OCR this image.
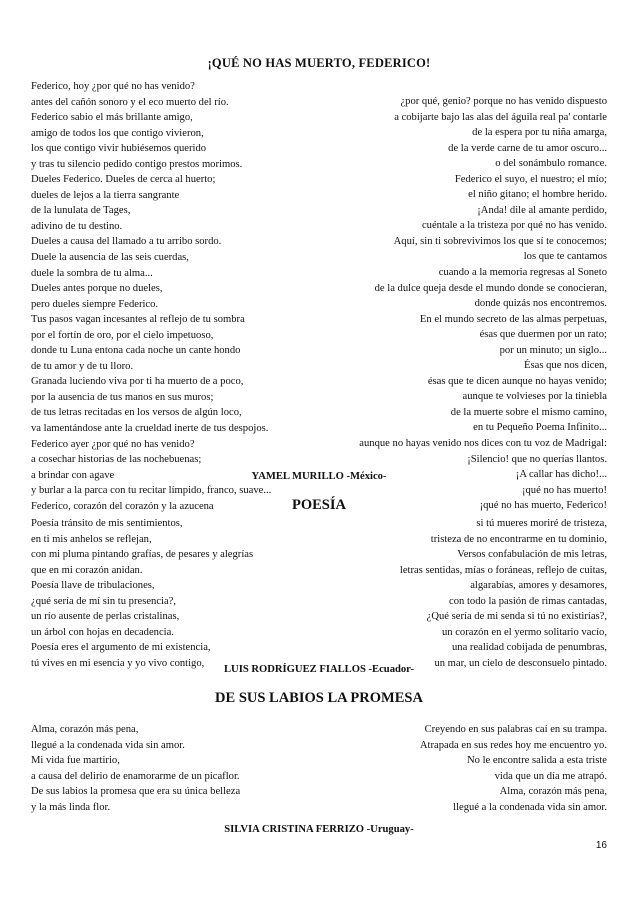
¡QUÉ NO HAS MUERTO, FEDERICO!
Federico, hoy ¿por qué no has venido?
antes del cañón sonoro y el eco muerto del río.
Federico sabio el más brillante amigo,
amigo de todos los que contigo vivieron,
los que contigo vivir hubiésemos querido
y tras tu silencio pedido contigo prestos morimos.
Dueles Federico. Dueles de cerca al huerto;
dueles de lejos a la tierra sangrante
de la lunulata de Tages,
adivino de tu destino.
Dueles a causa del llamado a tu arribo sordo.
Duele la ausencia de las seis cuerdas,
duele la sombra de tu alma...
Dueles antes porque no dueles,
pero dueles siempre Federico.
Tus pasos vagan incesantes al reflejo de tu sombra
por el fortín de oro, por el cielo impetuoso,
donde tu Luna entona cada noche un cante hondo
de tu amor y de tu lloro.
Granada luciendo viva por ti ha muerto de a poco,
por la ausencia de tus manos en sus muros;
de tus letras recitadas en los versos de algún loco,
va lamentándose ante la crueldad inerte de tus despojos.
Federico ayer ¿por qué no has venido?
a cosechar historias de las nochebuenas;
a brindar con agave
y burlar a la parca con tu recitar límpido, franco, suave...
Federico, corazón del corazón y la azucena
¿por qué, genio? porque no has venido dispuesto
a cobijarte bajo las alas del águila real pa' contarle
de la espera por tu niña amarga,
de la verde carne de tu amor oscuro...
o del sonámbulo romance.
Federico el suyo, el nuestro; el mío;
el niño gitano; el hombre herido.
¡Anda! dile al amante perdido,
cuéntale a la tristeza por qué no has venido.
Aquí, sin ti sobrevivimos los que sí te conocemos;
los que te cantamos
cuando a la memoria regresas al Soneto
de la dulce queja desde el mundo donde se conocieran,
donde quizás nos encontremos.
En el mundo secreto de las almas perpetuas,
ésas que duermen por un rato;
por un minuto; un siglo...
Ésas que nos dicen,
ésas que te dicen aunque no hayas venido;
aunque te volvieses por la tiniebla
de la muerte sobre el mismo camino,
en tu Pequeño Poema Infinito...
aunque no hayas venido nos dices con tu voz de Madrigal:
¡Silencio! que no querías llantos.
¡A callar has dicho!...
¡qué no has muerto!
¡qué no has muerto, Federico!

YAMEL MURILLO -México-

POESÍA
Poesía tránsito de mis sentimientos,
en ti mis anhelos se reflejan,
con mi pluma pintando grafías, de pesares y alegrías
que en mi corazón anidan.
Poesía llave de tribulaciones,
¿qué sería de mí sin tu presencia?,
un río ausente de perlas cristalinas,
un árbol con hojas en decadencia.
Poesía eres el argumento de mi existencia,
tú vives en mi esencia y yo vivo contigo,
si tú mueres moriré de tristeza,
tristeza de no encontrarme en tu dominio,
Versos confabulación de mis letras,
letras sentidas, mías o foráneas, reflejo de cuitas,
algarabías, amores y desamores,
con todo la pasión de rimas cantadas,
¿Qué sería de mi senda si tú no existirías?,
un corazón en el yermo solitario vacío,
una realidad cobijada de penumbras,
un mar, un cielo de desconsuelo pintado.

LUIS RODRÍGUEZ FIALLOS -Ecuador-

DE SUS LABIOS LA PROMESA
Alma, corazón más pena,
llegué a la condenada vida sin amor.
Mi vida fue martirio,
a causa del delirio de enamorarme de un picaflor.
De sus labios la promesa que era su única belleza
y la más linda flor.
Creyendo en sus palabras caí en su trampa.
Atrapada en sus redes hoy me encuentro yo.
No le encontre salida a esta triste
vida que un día me atrapó.
Alma, corazón más pena,
llegué a la condenada vida sin amor.

SILVIA CRISTINA FERRIZO -Uruguay-

16
